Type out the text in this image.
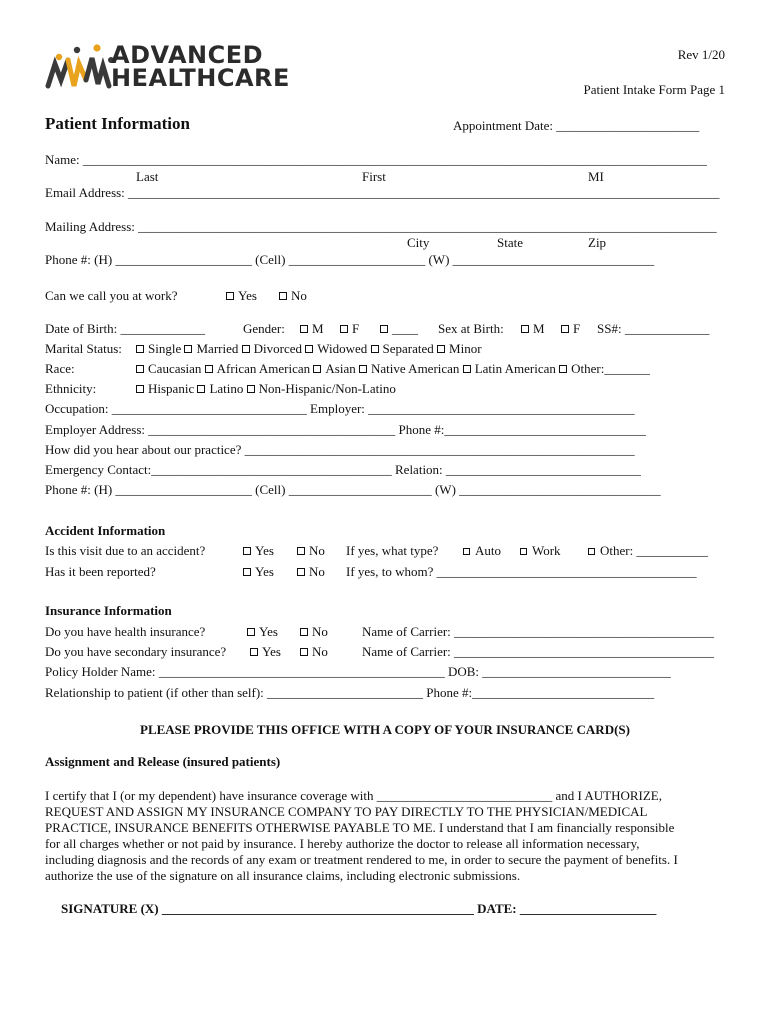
ADVANCED
HEALTHCARE
Rev 1/20
Patient Intake Form Page 1
Patient Information	Appointment Date: ______________________
Name: ________________________________________________________________________________________________
Last	First	MI
Email Address: ___________________________________________________________________________________________
Mailing Address: _________________________________________________________________________________________
City	State	Zip
Phone #: (H) _____________________ (Cell) _____________________ (W) _______________________________
Can we call you at work?	Yes	No
Date of Birth: _____________	Gender:	M	F	____ Sex at Birth:	M	F SS#: _____________
Marital Status:	Single Married Divorced Widowed Separated Minor
Race:	Caucasian African American Asian Native American Latin American Other:_______
Ethnicity:	Hispanic Latino Non-Hispanic/Non-Latino
Occupation: ______________________________ Employer: _________________________________________
Employer Address: ______________________________________ Phone #:_______________________________
How did you hear about our practice? ____________________________________________________________
Emergency Contact:_____________________________________ Relation: ______________________________
Phone #: (H) _____________________ (Cell) ______________________ (W) _______________________________
Accident Information
Is this visit due to an accident?	Yes	No If yes, what type?	Auto	Work	Other: ___________
Has it been reported?	Yes	No If yes, to whom? ________________________________________
Insurance Information
Do you have health insurance?	Yes	No	Name of Carrier: ________________________________________
Do you have secondary insurance?	Yes	No	Name of Carrier: ________________________________________
Policy Holder Name: ____________________________________________ DOB: _____________________________
Relationship to patient (if other than self): ________________________ Phone #:____________________________
PLEASE PROVIDE THIS OFFICE WITH A COPY OF YOUR INSURANCE CARD(S)
Assignment and Release (insured patients)
I certify that I (or my dependent) have insurance coverage with ___________________________ and I AUTHORIZE,
REQUEST AND ASSIGN MY INSURANCE COMPANY TO PAY DIRECTLY TO THE PHYSICIAN/MEDICAL
PRACTICE, INSURANCE BENEFITS OTHERWISE PAYABLE TO ME. I understand that I am financially responsible
for all charges whether or not paid by insurance. I hereby authorize the doctor to release all information necessary,
including diagnosis and the records of any exam or treatment rendered to me, in order to secure the payment of benefits. I
authorize the use of the signature on all insurance claims, including electronic submissions.
SIGNATURE (X) ________________________________________________ DATE: _____________________
